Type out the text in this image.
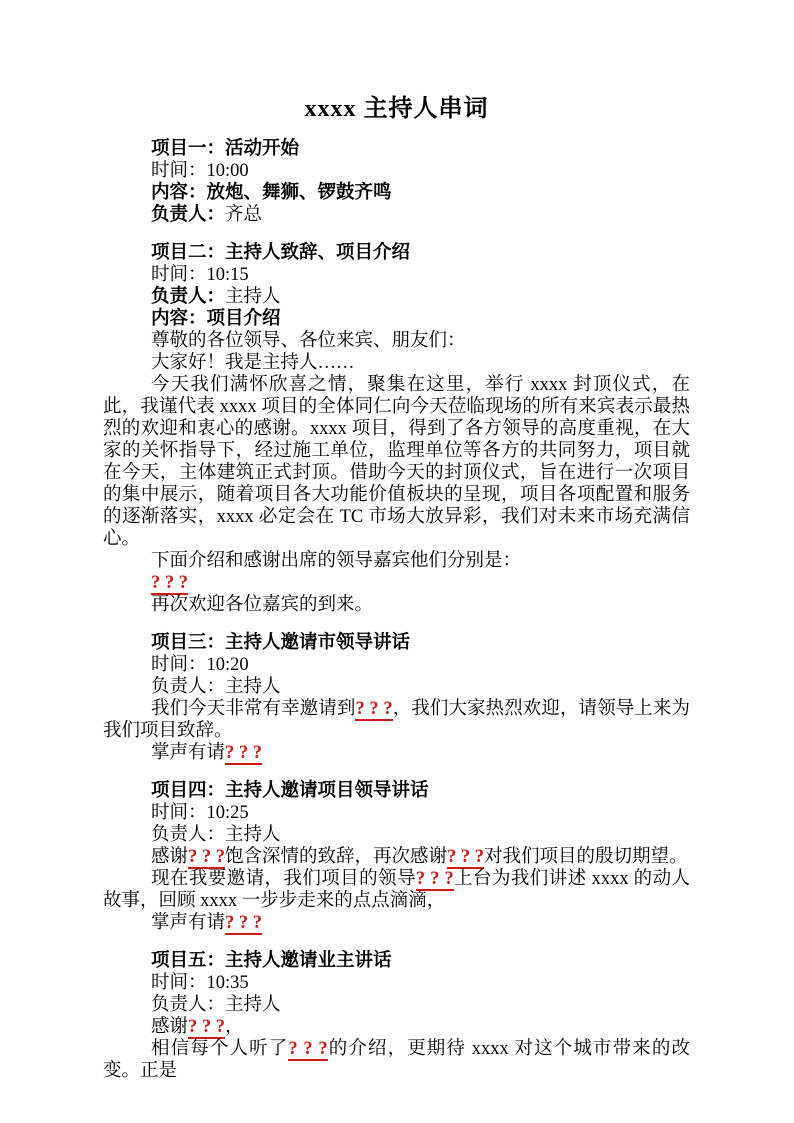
xxxx 主持人串词

项目一：活动开始

时间：10:00

内容：放炮、舞狮、锣鼓齐鸣

负责人：齐总

项目二：主持人致辞、项目介绍

时间：10:15

负责人：主持人

内容：项目介绍

尊敬的各位领导、各位来宾、朋友们：

大家好！我是主持人……

今天我们满怀欣喜之情，聚集在这里，举行 xxxx 封顶仪式，在此，我谨代表 xxxx 项目的全体同仁向今天莅临现场的所有来宾表示最热烈的欢迎和衷心的感谢。xxxx 项目，得到了各方领导的高度重视，在大家的关怀指导下，经过施工单位，监理单位等各方的共同努力，项目就在今天，主体建筑正式封顶。借助今天的封顶仪式，旨在进行一次项目的集中展示，随着项目各大功能价值板块的呈现，项目各项配置和服务的逐渐落实，xxxx 必定会在 TC 市场大放异彩，我们对未来市场充满信心。

下面介绍和感谢出席的领导嘉宾他们分别是：

? ? ?

再次欢迎各位嘉宾的到来。

项目三：主持人邀请市领导讲话

时间：10:20

负责人：主持人

我们今天非常有幸邀请到? ? ?，我们大家热烈欢迎，请领导上来为我们项目致辞。

掌声有请? ? ?

项目四：主持人邀请项目领导讲话

时间：10:25

负责人：主持人

感谢? ? ?饱含深情的致辞，再次感谢? ? ?对我们项目的殷切期望。

现在我要邀请，我们项目的领导? ? ?上台为我们讲述 xxxx 的动人故事，回顾 xxxx 一步步走来的点点滴滴，

掌声有请? ? ?

项目五：主持人邀请业主讲话

时间：10:35

负责人：主持人

感谢? ? ?，

相信每个人听了? ? ?的介绍，更期待 xxxx 对这个城市带来的改变。正是
